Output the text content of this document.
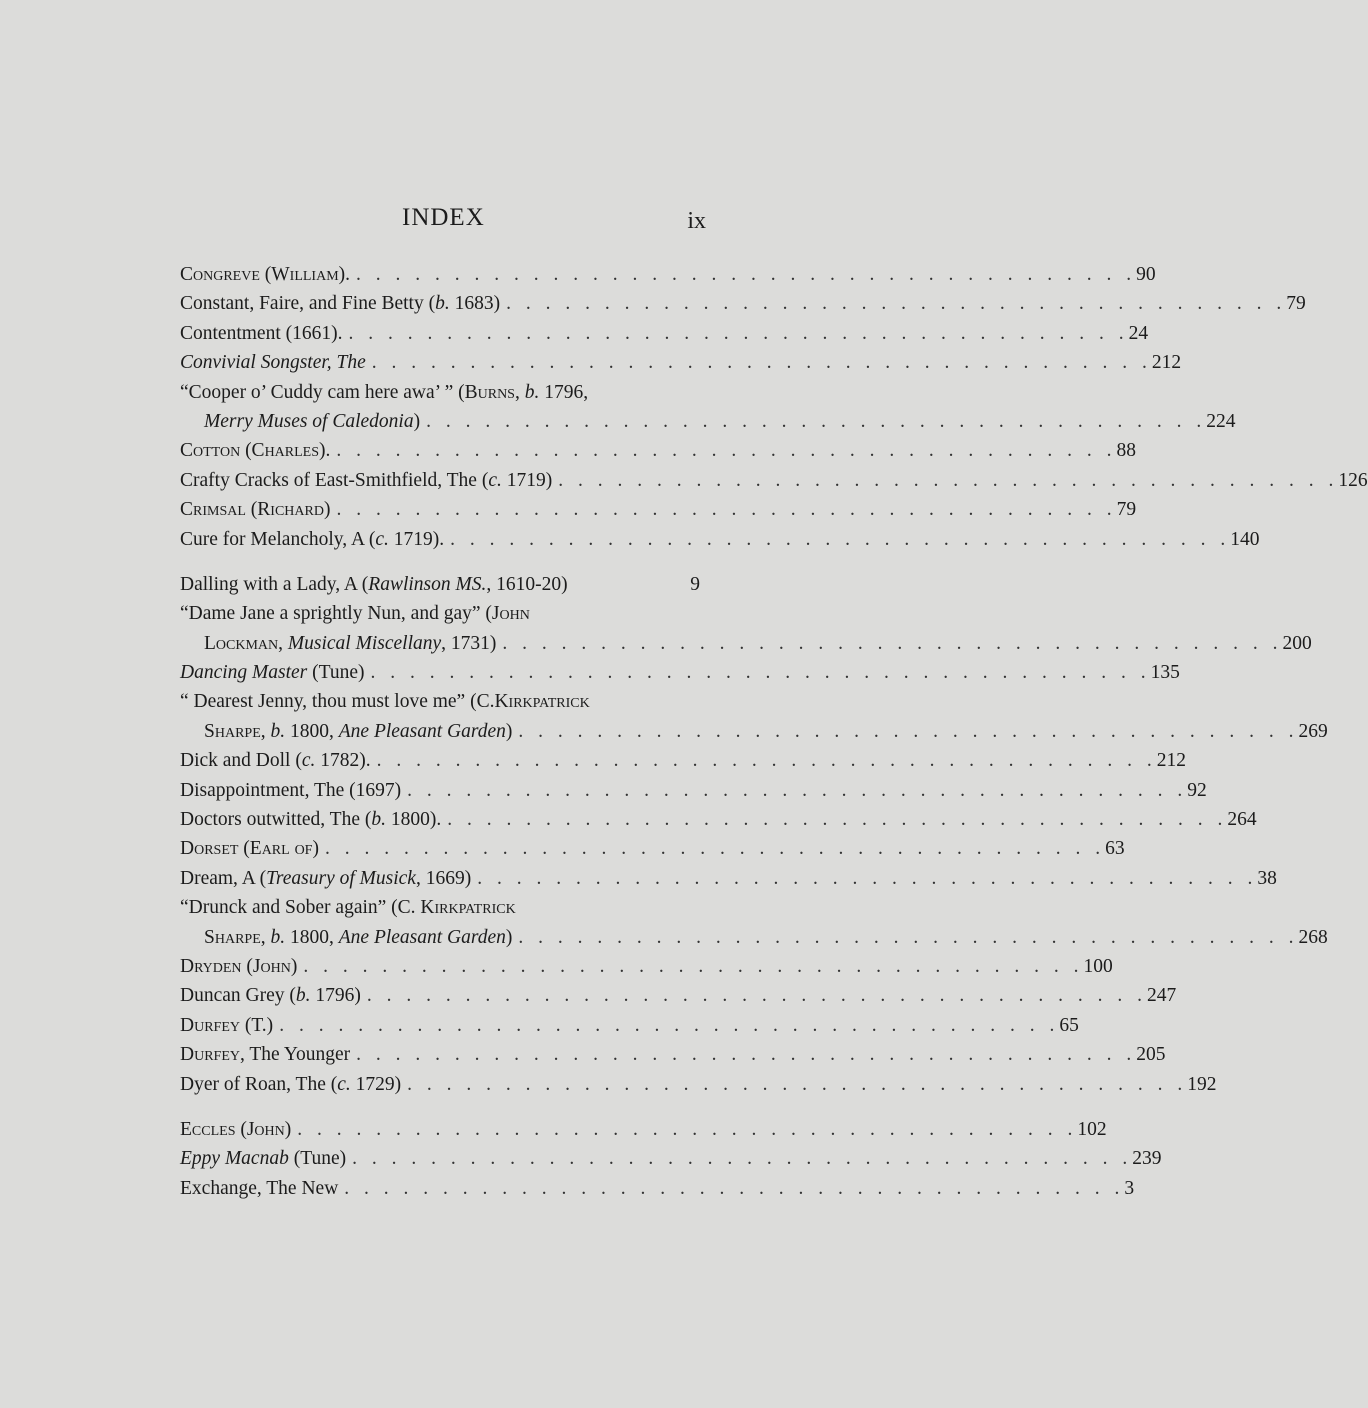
INDEX	ix
Congreve (William). . . . . . . . . . . . . . . . . . . . . . . . . . . . . . . . . . . . . . . . . 90
Constant, Faire, and Fine Betty (b. 1683) . . . . . . . . . . . . . . . . . . . . . . . . . . . . . . . . . . . . . . . . 79
Contentment (1661). . . . . . . . . . . . . . . . . . . . . . . . . . . . . . . . . . . . . . . . . 24
Convivial Songster, The . . . . . . . . . . . . . . . . . . . . . . . . . . . . . . . . . . . . . . . . 212
“Cooper o’ Cuddy cam here awa’ ” (Burns, b. 1796,
Merry Muses of Caledonia) . . . . . . . . . . . . . . . . . . . . . . . . . . . . . . . . . . . . . . . . 224
Cotton (Charles). . . . . . . . . . . . . . . . . . . . . . . . . . . . . . . . . . . . . . . . . 88
Crafty Cracks of East-Smithfield, The (c. 1719) . . . . . . . . . . . . . . . . . . . . . . . . . . . . . . . . . . . . . . . . 126
Crimsal (Richard) . . . . . . . . . . . . . . . . . . . . . . . . . . . . . . . . . . . . . . . . 79
Cure for Melancholy, A (c. 1719). . . . . . . . . . . . . . . . . . . . . . . . . . . . . . . . . . . . . . . . . 140
Dalling with a Lady, A (Rawlinson MS., 1610-20)	9
“Dame Jane a sprightly Nun, and gay” (John
Lockman, Musical Miscellany, 1731) . . . . . . . . . . . . . . . . . . . . . . . . . . . . . . . . . . . . . . . . 200
Dancing Master (Tune) . . . . . . . . . . . . . . . . . . . . . . . . . . . . . . . . . . . . . . . . 135
“ Dearest Jenny, thou must love me” (C.Kirkpatrick
Sharpe, b. 1800, Ane Pleasant Garden) . . . . . . . . . . . . . . . . . . . . . . . . . . . . . . . . . . . . . . . . 269
Dick and Doll (c. 1782). . . . . . . . . . . . . . . . . . . . . . . . . . . . . . . . . . . . . . . . . 212
Disappointment, The (1697) . . . . . . . . . . . . . . . . . . . . . . . . . . . . . . . . . . . . . . . . 92
Doctors outwitted, The (b. 1800). . . . . . . . . . . . . . . . . . . . . . . . . . . . . . . . . . . . . . . . . 264
Dorset (Earl of) . . . . . . . . . . . . . . . . . . . . . . . . . . . . . . . . . . . . . . . . 63
Dream, A (Treasury of Musick, 1669) . . . . . . . . . . . . . . . . . . . . . . . . . . . . . . . . . . . . . . . . 38
“Drunck and Sober again” (C. Kirkpatrick
Sharpe, b. 1800, Ane Pleasant Garden) . . . . . . . . . . . . . . . . . . . . . . . . . . . . . . . . . . . . . . . . 268
Dryden (John) . . . . . . . . . . . . . . . . . . . . . . . . . . . . . . . . . . . . . . . . 100
Duncan Grey (b. 1796) . . . . . . . . . . . . . . . . . . . . . . . . . . . . . . . . . . . . . . . . 247
Durfey (T.) . . . . . . . . . . . . . . . . . . . . . . . . . . . . . . . . . . . . . . . . 65
Durfey, The Younger . . . . . . . . . . . . . . . . . . . . . . . . . . . . . . . . . . . . . . . . 205
Dyer of Roan, The (c. 1729) . . . . . . . . . . . . . . . . . . . . . . . . . . . . . . . . . . . . . . . . 192
Eccles (John) . . . . . . . . . . . . . . . . . . . . . . . . . . . . . . . . . . . . . . . . 102
Eppy Macnab (Tune) . . . . . . . . . . . . . . . . . . . . . . . . . . . . . . . . . . . . . . . . 239
Exchange, The New . . . . . . . . . . . . . . . . . . . . . . . . . . . . . . . . . . . . . . . . 3
